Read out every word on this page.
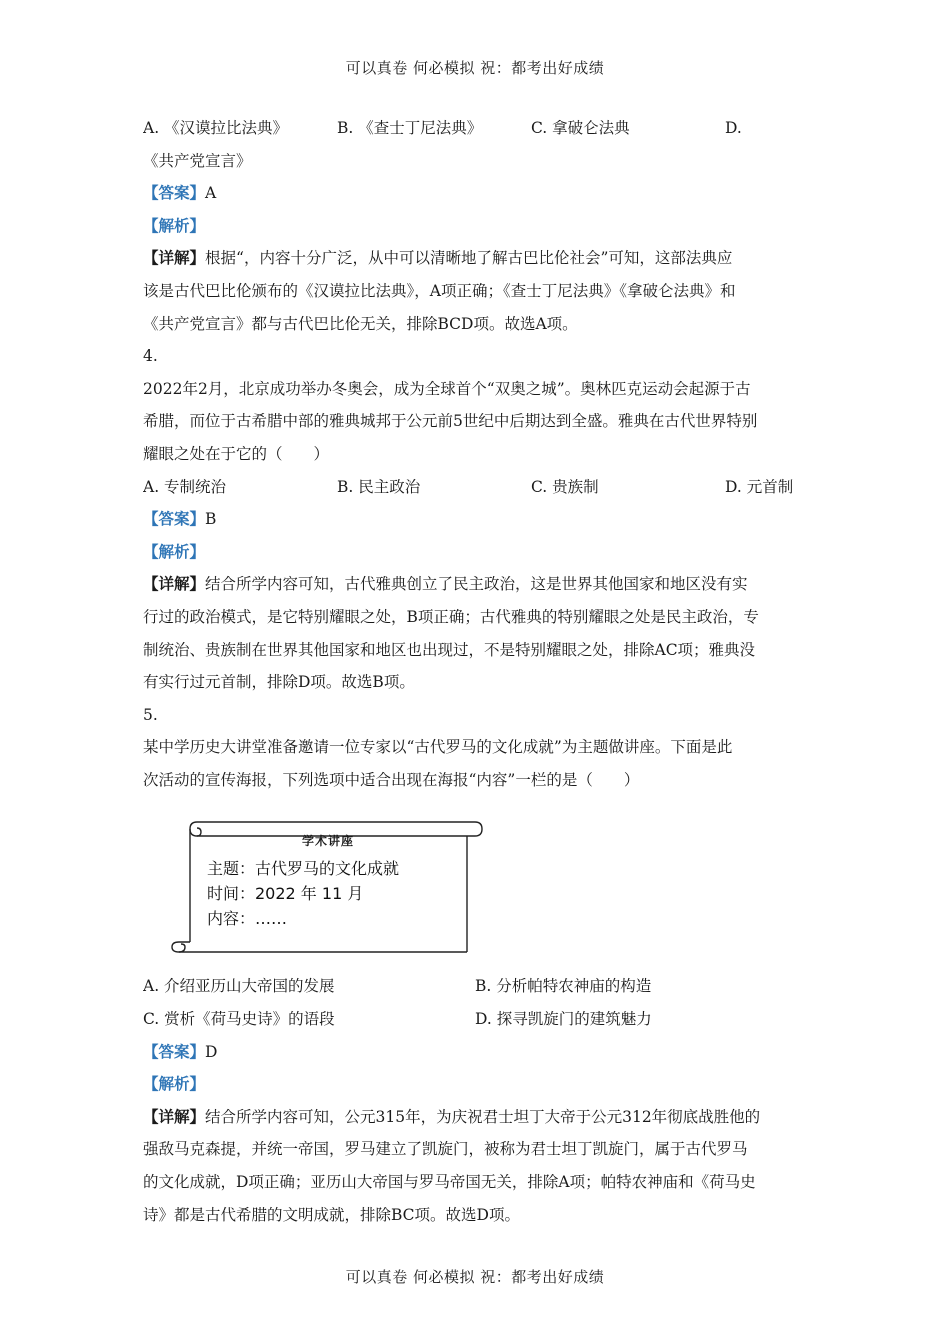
可以真卷 何必模拟 祝：都考出好成绩
A. 《汉谟拉比法典》	B. 《查士丁尼法典》	C. 拿破仑法典	D.
《共产党宣言》
【答案】A
【解析】
【详解】根据“，内容十分广泛，从中可以清晰地了解古巴比伦社会”可知，这部法典应
该是古代巴比伦颁布的《汉谟拉比法典》，A项正确；《查士丁尼法典》《拿破仑法典》和
《共产党宣言》都与古代巴比伦无关，排除BCD项。故选A项。
4.
2022年2月，北京成功举办冬奥会，成为全球首个“双奥之城”。奥林匹克运动会起源于古
希腊，而位于古希腊中部的雅典城邦于公元前5世纪中后期达到全盛。雅典在古代世界特别
耀眼之处在于它的（　　）
A. 专制统治	B. 民主政治	C. 贵族制	D. 元首制
【答案】B
【解析】
【详解】结合所学内容可知，古代雅典创立了民主政治，这是世界其他国家和地区没有实
行过的政治模式，是它特别耀眼之处，B项正确；古代雅典的特别耀眼之处是民主政治，专
制统治、贵族制在世界其他国家和地区也出现过，不是特别耀眼之处，排除AC项；雅典没
有实行过元首制，排除D项。故选B项。
5.
某中学历史大讲堂准备邀请一位专家以“古代罗马的文化成就”为主题做讲座。下面是此
次活动的宣传海报，下列选项中适合出现在海报“内容”一栏的是（　　）
学术讲座
主题：古代罗马的文化成就
时间：2022 年 11 月
内容：……
A. 介绍亚历山大帝国的发展	B. 分析帕特农神庙的构造
C. 赏析《荷马史诗》的语段	D. 探寻凯旋门的建筑魅力
【答案】D
【解析】
【详解】结合所学内容可知，公元315年，为庆祝君士坦丁大帝于公元312年彻底战胜他的
强敌马克森提，并统一帝国，罗马建立了凯旋门，被称为君士坦丁凯旋门，属于古代罗马
的文化成就，D项正确；亚历山大帝国与罗马帝国无关，排除A项；帕特农神庙和《荷马史
诗》都是古代希腊的文明成就，排除BC项。故选D项。
可以真卷 何必模拟 祝：都考出好成绩
